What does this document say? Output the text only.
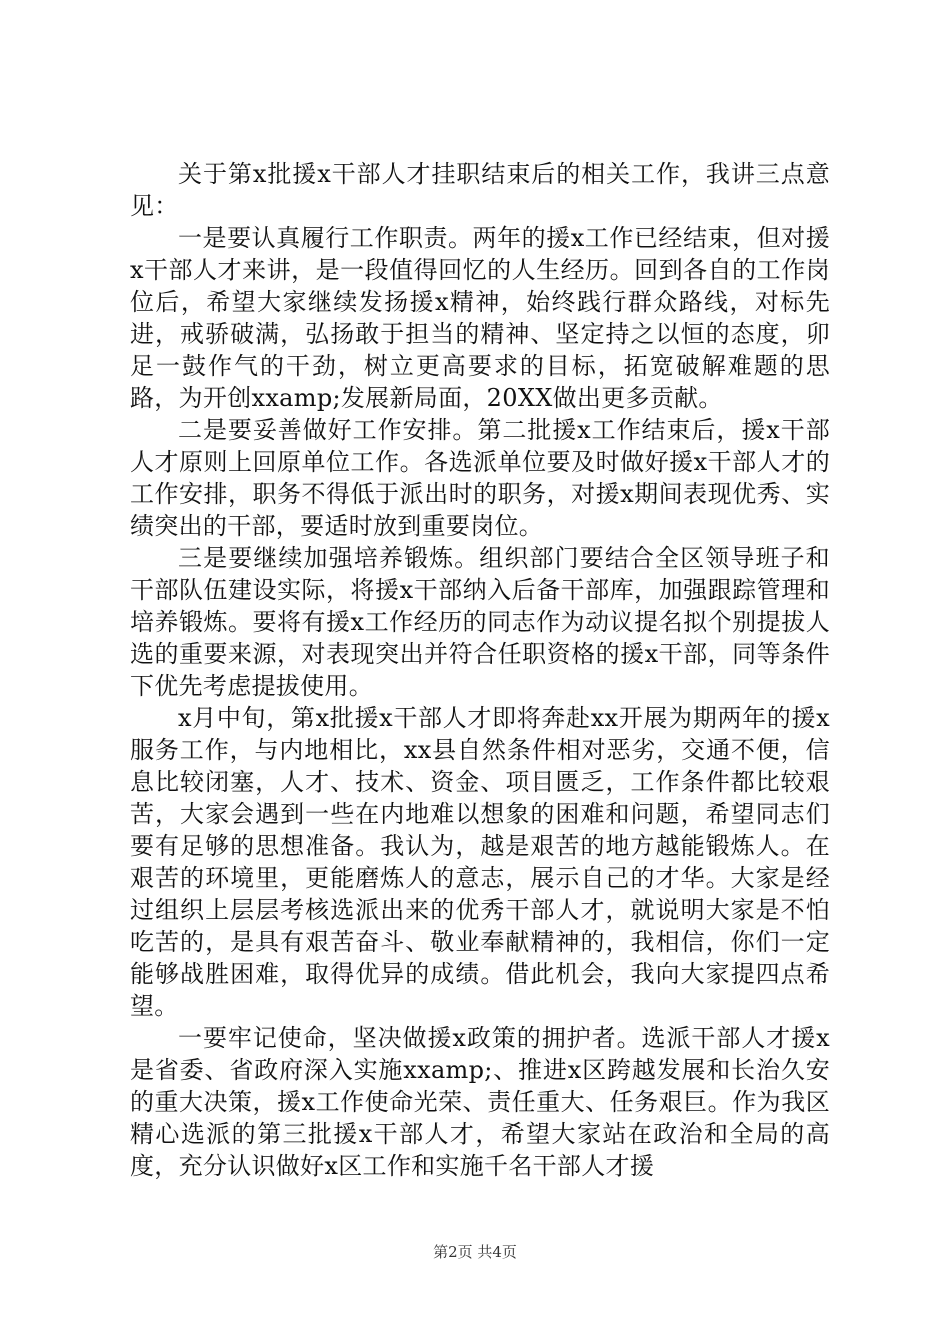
关于第x批援x干部人才挂职结束后的相关工作，我讲三点意见：

一是要认真履行工作职责。两年的援x工作已经结束，但对援x干部人才来讲，是一段值得回忆的人生经历。回到各自的工作岗位后，希望大家继续发扬援x精神，始终践行群众路线，对标先进，戒骄破满，弘扬敢于担当的精神、坚定持之以恒的态度，卯足一鼓作气的干劲，树立更高要求的目标，拓宽破解难题的思路，为开创xxamp;发展新局面，20XX做出更多贡献。

二是要妥善做好工作安排。第二批援x工作结束后，援x干部人才原则上回原单位工作。各选派单位要及时做好援x干部人才的工作安排，职务不得低于派出时的职务，对援x期间表现优秀、实绩突出的干部，要适时放到重要岗位。

三是要继续加强培养锻炼。组织部门要结合全区领导班子和干部队伍建设实际，将援x干部纳入后备干部库，加强跟踪管理和培养锻炼。要将有援x工作经历的同志作为动议提名拟个别提拔人选的重要来源，对表现突出并符合任职资格的援x干部，同等条件下优先考虑提拔使用。

x月中旬，第x批援x干部人才即将奔赴xx开展为期两年的援x服务工作，与内地相比，xx县自然条件相对恶劣，交通不便，信息比较闭塞，人才、技术、资金、项目匮乏，工作条件都比较艰苦，大家会遇到一些在内地难以想象的困难和问题，希望同志们要有足够的思想准备。我认为，越是艰苦的地方越能锻炼人。在艰苦的环境里，更能磨炼人的意志，展示自己的才华。大家是经过组织上层层考核选派出来的优秀干部人才，就说明大家是不怕吃苦的，是具有艰苦奋斗、敬业奉献精神的，我相信，你们一定能够战胜困难，取得优异的成绩。借此机会，我向大家提四点希望。

一要牢记使命，坚决做援x政策的拥护者。选派干部人才援x是省委、省政府深入实施xxamp;、推进x区跨越发展和长治久安的重大决策，援x工作使命光荣、责任重大、任务艰巨。作为我区精心选派的第三批援x干部人才，希望大家站在政治和全局的高度，充分认识做好x区工作和实施千名干部人才援

第2页 共4页
